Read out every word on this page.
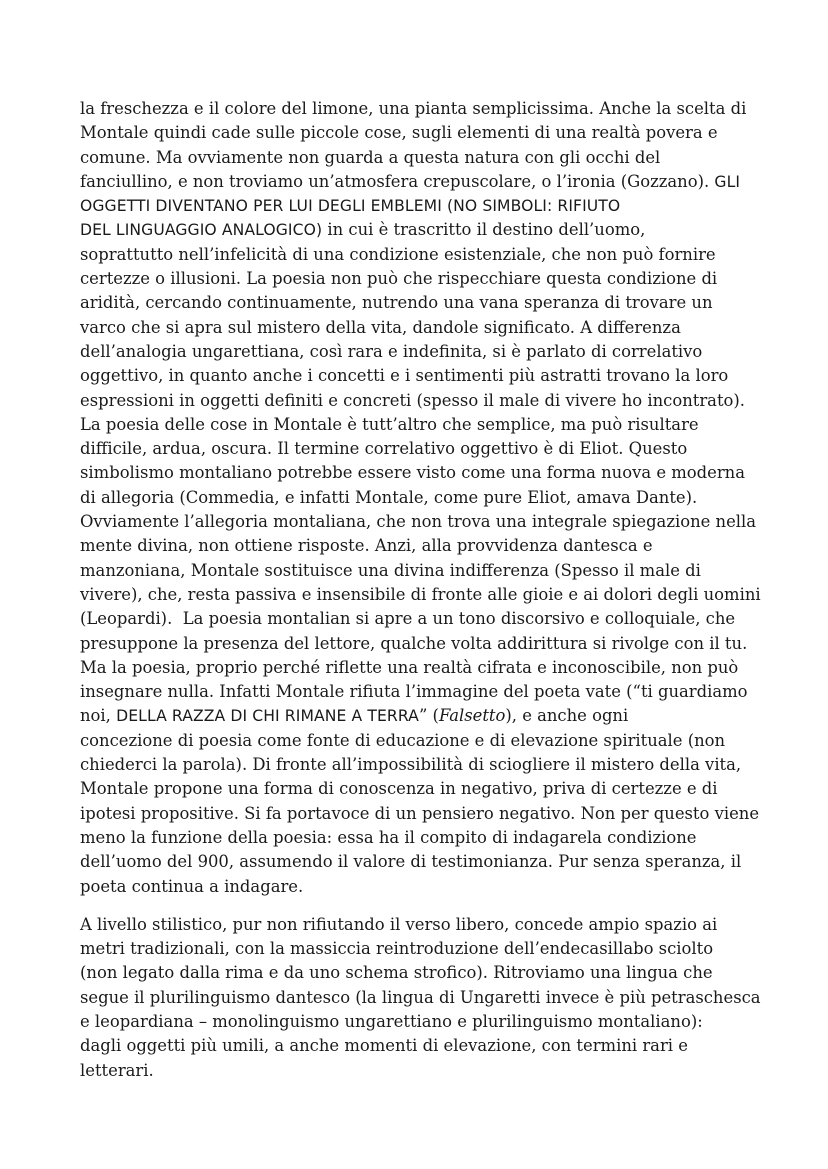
la freschezza e il colore del limone, una pianta semplicissima. Anche la scelta di
Montale quindi cade sulle piccole cose, sugli elementi di una realtà povera e
comune. Ma ovviamente non guarda a questa natura con gli occhi del
fanciullino, e non troviamo un’atmosfera crepuscolare, o l’ironia (Gozzano). GLI
OGGETTI DIVENTANO PER LUI DEGLI EMBLEMI (NO SIMBOLI: RIFIUTO
DEL LINGUAGGIO ANALOGICO) in cui è trascritto il destino dell’uomo,
soprattutto nell’infelicità di una condizione esistenziale, che non può fornire
certezze o illusioni. La poesia non può che rispecchiare questa condizione di
aridità, cercando continuamente, nutrendo una vana speranza di trovare un
varco che si apra sul mistero della vita, dandole significato. A differenza
dell’analogia ungarettiana, così rara e indefinita, si è parlato di correlativo
oggettivo, in quanto anche i concetti e i sentimenti più astratti trovano la loro
espressioni in oggetti definiti e concreti (spesso il male di vivere ho incontrato).
La poesia delle cose in Montale è tutt’altro che semplice, ma può risultare
difficile, ardua, oscura. Il termine correlativo oggettivo è di Eliot. Questo
simbolismo montaliano potrebbe essere visto come una forma nuova e moderna
di allegoria (Commedia, e infatti Montale, come pure Eliot, amava Dante).
Ovviamente l’allegoria montaliana, che non trova una integrale spiegazione nella
mente divina, non ottiene risposte. Anzi, alla provvidenza dantesca e
manzoniana, Montale sostituisce una divina indifferenza (Spesso il male di
vivere), che, resta passiva e insensibile di fronte alle gioie e ai dolori degli uomini
(Leopardi).  La poesia montalian si apre a un tono discorsivo e colloquiale, che
presuppone la presenza del lettore, qualche volta addirittura si rivolge con il tu.
Ma la poesia, proprio perché riflette una realtà cifrata e inconoscibile, non può
insegnare nulla. Infatti Montale rifiuta l’immagine del poeta vate (“ti guardiamo
noi, DELLA RAZZA DI CHI RIMANE A TERRA” (Falsetto), e anche ogni
concezione di poesia come fonte di educazione e di elevazione spirituale (non
chiederci la parola). Di fronte all’impossibilità di sciogliere il mistero della vita,
Montale propone una forma di conoscenza in negativo, priva di certezze e di
ipotesi propositive. Si fa portavoce di un pensiero negativo. Non per questo viene
meno la funzione della poesia: essa ha il compito di indagarela condizione
dell’uomo del 900, assumendo il valore di testimonianza. Pur senza speranza, il
poeta continua a indagare.
A livello stilistico, pur non rifiutando il verso libero, concede ampio spazio ai
metri tradizionali, con la massiccia reintroduzione dell’endecasillabo sciolto
(non legato dalla rima e da uno schema strofico). Ritroviamo una lingua che
segue il plurilinguismo dantesco (la lingua di Ungaretti invece è più petraschesca
e leopardiana – monolinguismo ungarettiano e plurilinguismo montaliano):
dagli oggetti più umili, a anche momenti di elevazione, con termini rari e
letterari.
